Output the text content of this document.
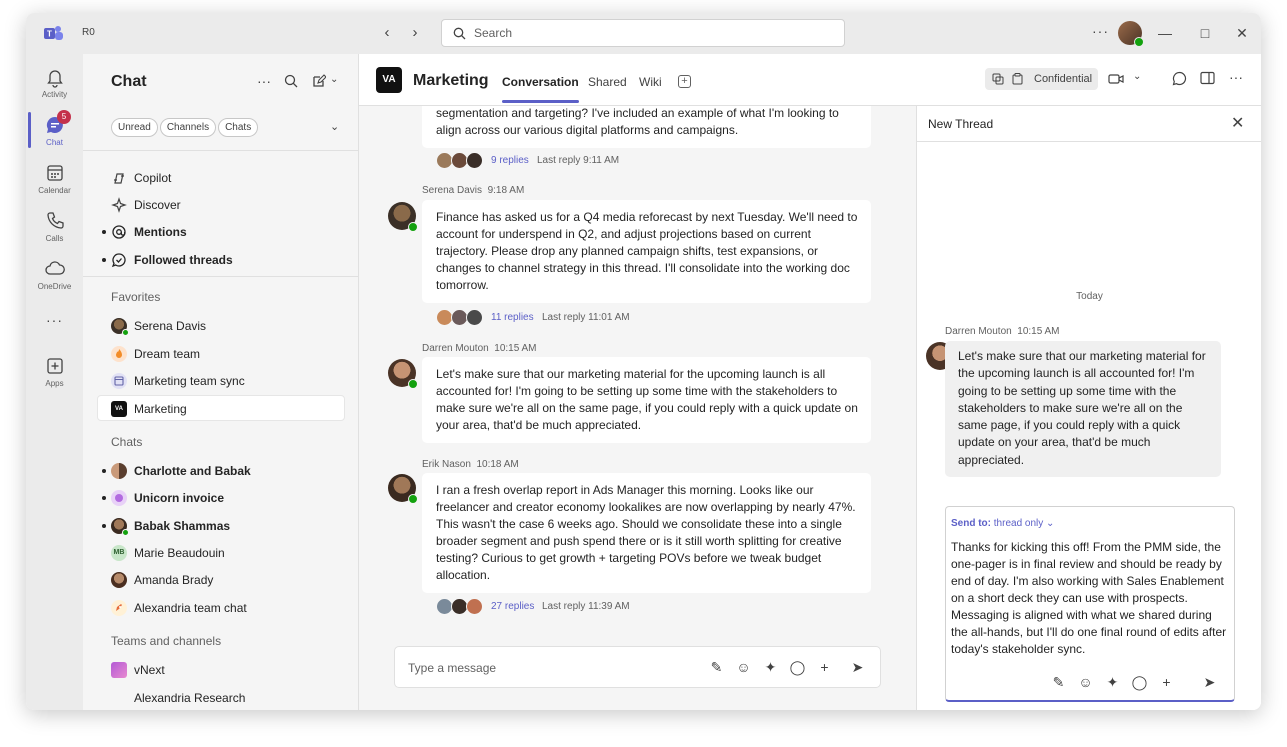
T	R0	‹	›
Search	···	—	□	✕
Activity
5
Chat
Calendar
Calls
OneDrive
···
Apps
Chat	···	⌄
Unread Channels Chats	⌄
Copilot
Discover
Mentions
Followed threads
Favorites
Serena Davis
Dream team
Marketing team sync
VA Marketing
Chats
Charlotte and Babak
Unicorn invoice
Babak Shammas
MB Marie Beaudouin
Amanda Brady
Alexandria team chat
Teams and channels
vNext
Alexandria Research
segmentation and targeting? I've included an example of what I'm looking to align across our various digital platforms and campaigns.
9 replies Last reply 9:11 AM
Serena Davis 9:18 AM
Finance has asked us for a Q4 media reforecast by next Tuesday. We'll need to account for underspend in Q2, and adjust projections based on current trajectory. Please drop any planned campaign shifts, test expansions, or changes to channel strategy in this thread. I'll consolidate into the working doc tomorrow.
11 replies Last reply 11:01 AM
Darren Mouton 10:15 AM
Let's make sure that our marketing material for the upcoming launch is all accounted for! I'm going to be setting up some time with the stakeholders to make sure we're all on the same page, if you could reply with a quick update on your area, that'd be much appreciated.
Erik Nason 10:18 AM
I ran a fresh overlap report in Ads Manager this morning. Looks like our freelancer and creator economy lookalikes are now overlapping by nearly 47%. This wasn't the case 6 weeks ago. Should we consolidate these into a single broader segment and push spend there or is it still worth splitting for creative testing? Curious to get growth + targeting POVs before we tweak budget allocation.
27 replies Last reply 11:39 AM
Type a message	✎ ☺ ✦ ◯ + ➤
VA	Marketing Conversation Shared Wiki +	Confidential	⌄	···
New Thread	✕
Today
Darren Mouton 10:15 AM
Let's make sure that our marketing material for the upcoming launch is all accounted for! I'm going to be setting up some time with the stakeholders to make sure we're all on the same page, if you could reply with a quick update on your area, that'd be much appreciated.
Send to: thread only ⌄
Thanks for kicking this off! From the PMM side, the one-pager is in final review and should be ready by end of day. I'm also working with Sales Enablement on a short deck they can use with prospects. Messaging is aligned with what we shared during the all-hands, but I'll do one final round of edits after today's stakeholder sync.
✎ ☺ ✦ ◯ + ➤
